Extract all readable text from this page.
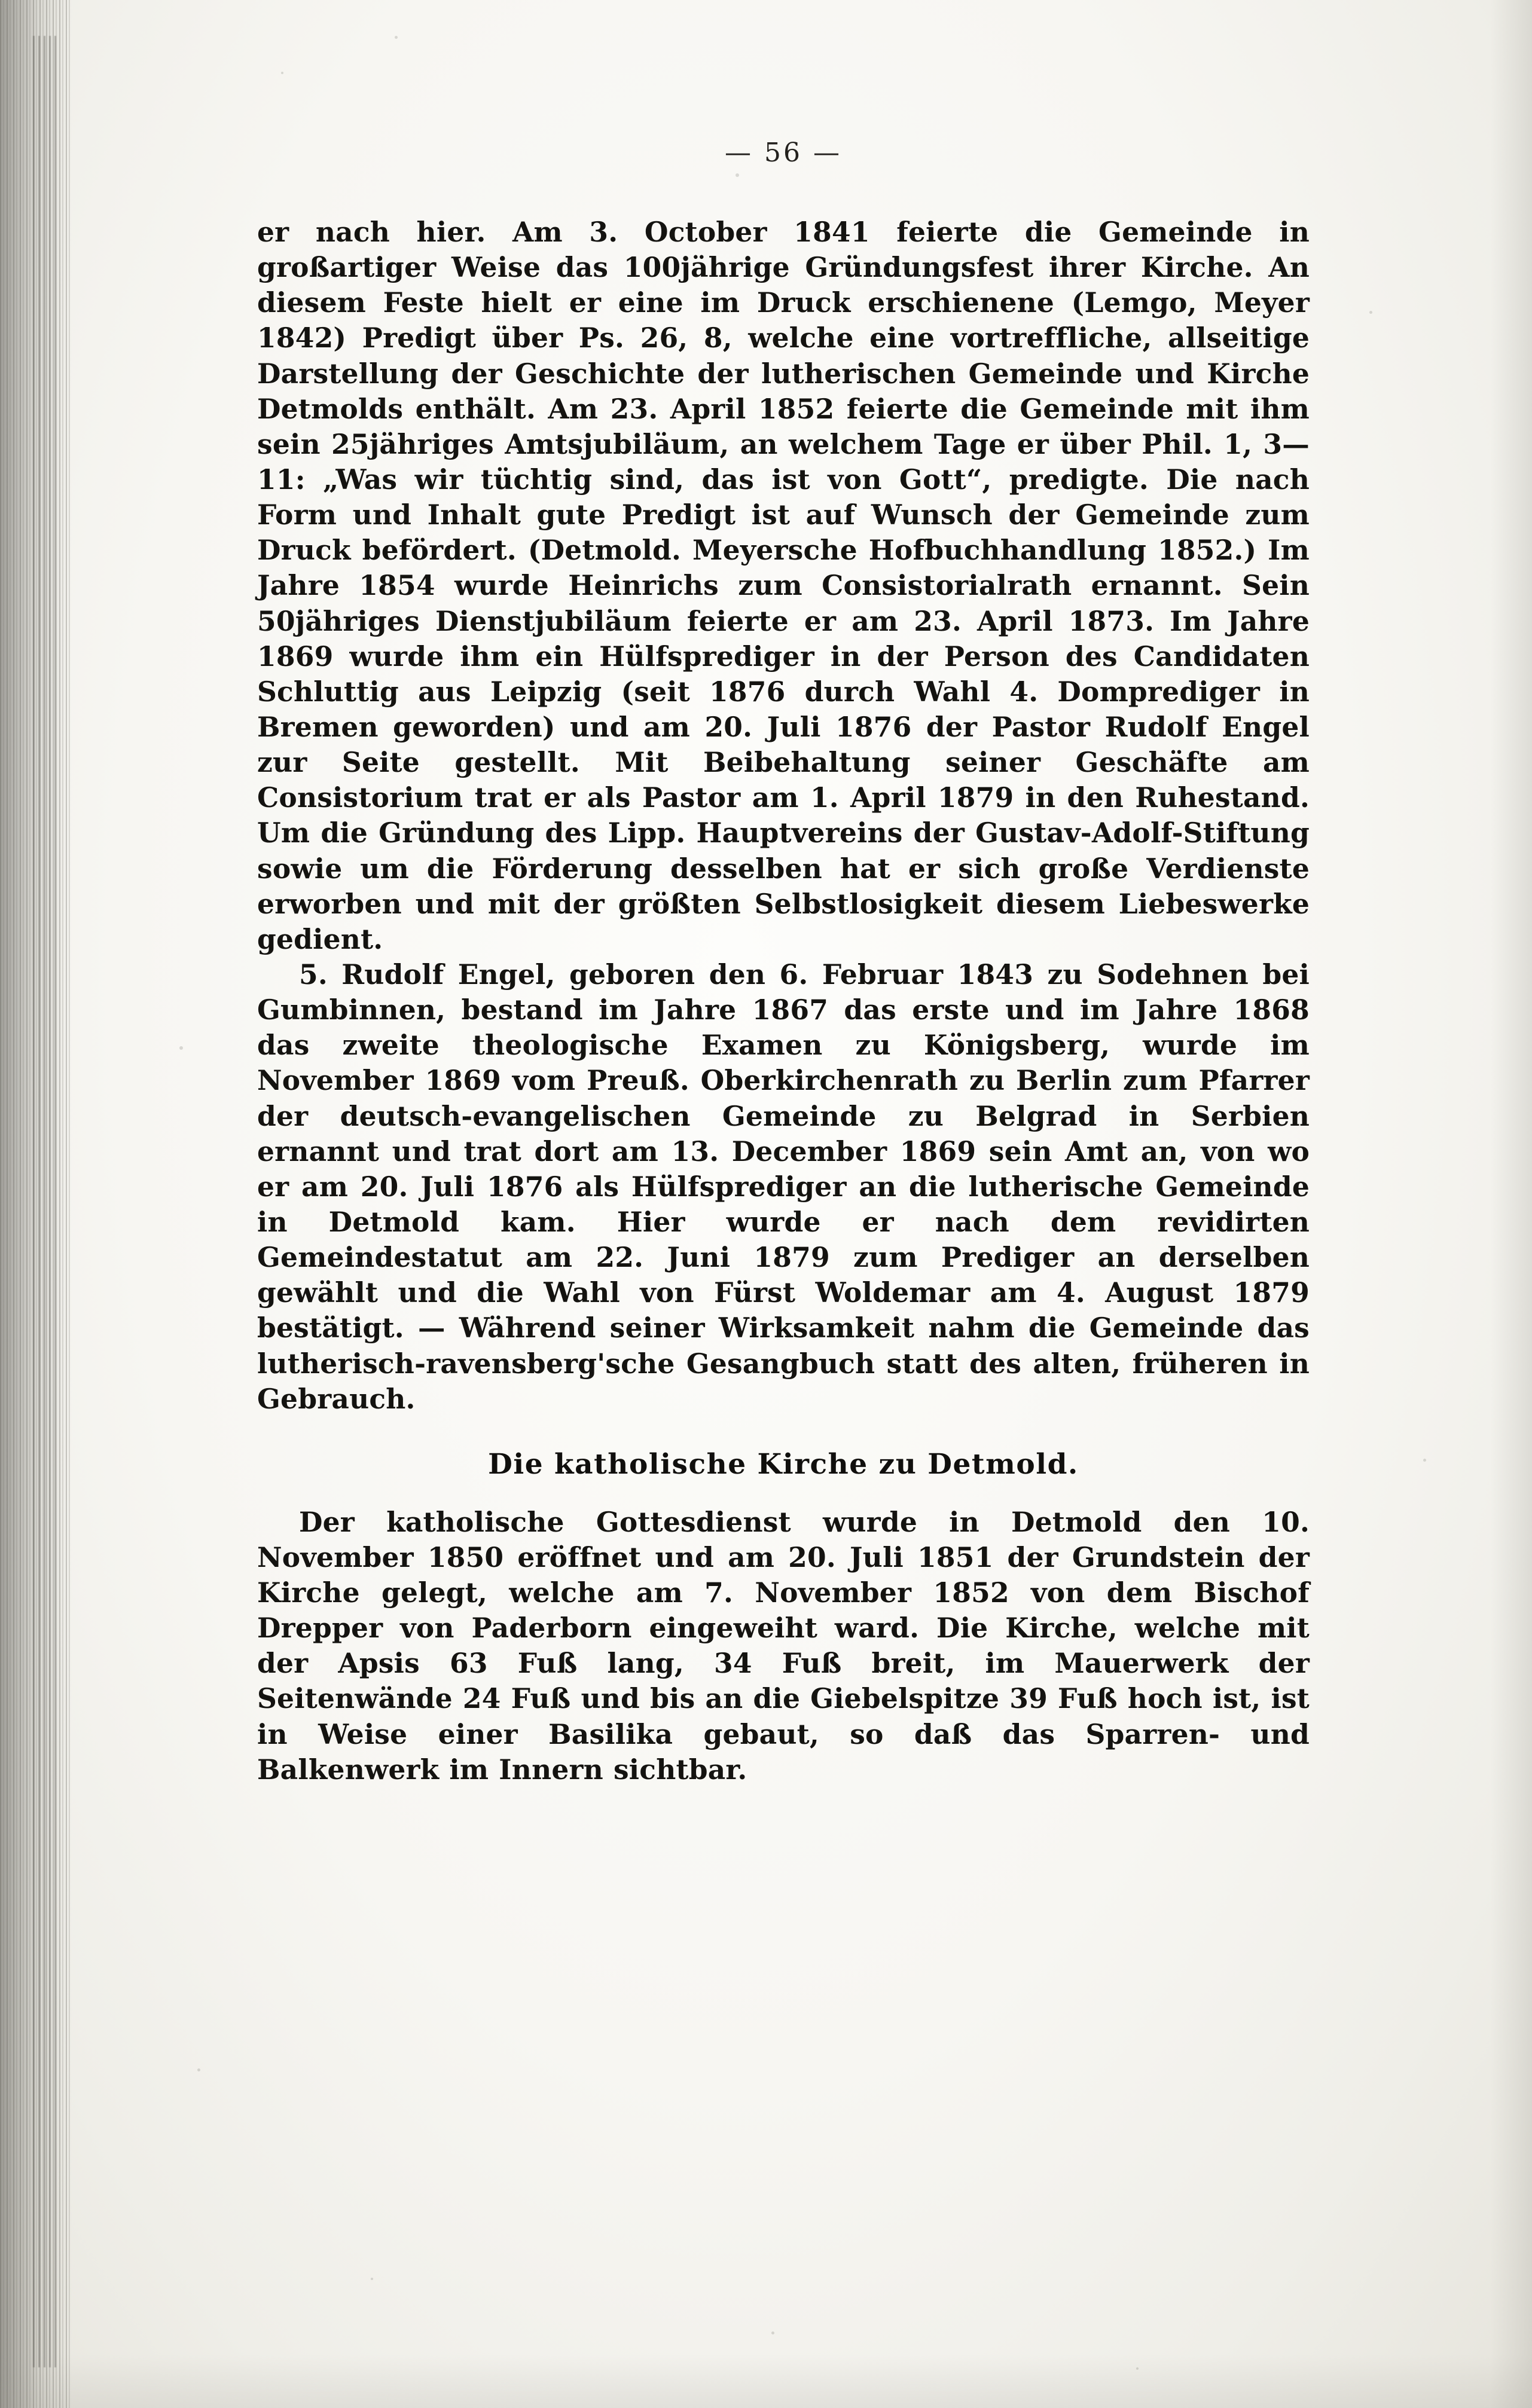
— 56 —

er nach hier. Am 3. October 1841 feierte die Gemeinde in großartiger Weise das 100jährige Gründungsfest ihrer Kirche. An diesem Feste hielt er eine im Druck erschienene (Lemgo, Meyer 1842) Predigt über Ps. 26, 8, welche eine vortreffliche, allseitige Darstellung der Geschichte der lutherischen Gemeinde und Kirche Detmolds enthält. Am 23. April 1852 feierte die Gemeinde mit ihm sein 25jähriges Amtsjubiläum, an welchem Tage er über Phil. 1, 3—11: „Was wir tüchtig sind, das ist von Gott“, predigte. Die nach Form und Inhalt gute Predigt ist auf Wunsch der Gemeinde zum Druck befördert. (Detmold. Meyersche Hofbuchhandlung 1852.) Im Jahre 1854 wurde Heinrichs zum Consistorialrath ernannt. Sein 50jähriges Dienstjubiläum feierte er am 23. April 1873. Im Jahre 1869 wurde ihm ein Hülfsprediger in der Person des Candidaten Schluttig aus Leipzig (seit 1876 durch Wahl 4. Domprediger in Bremen geworden) und am 20. Juli 1876 der Pastor Rudolf Engel zur Seite gestellt. Mit Beibehaltung seiner Geschäfte am Consistorium trat er als Pastor am 1. April 1879 in den Ruhestand. Um die Gründung des Lipp. Hauptvereins der Gustav-Adolf-Stiftung sowie um die Förderung desselben hat er sich große Verdienste erworben und mit der größten Selbstlosigkeit diesem Liebeswerke gedient.

5. Rudolf Engel, geboren den 6. Februar 1843 zu Sodehnen bei Gumbinnen, bestand im Jahre 1867 das erste und im Jahre 1868 das zweite theologische Examen zu Königsberg, wurde im November 1869 vom Preuß. Oberkirchenrath zu Berlin zum Pfarrer der deutsch-evangelischen Gemeinde zu Belgrad in Serbien ernannt und trat dort am 13. December 1869 sein Amt an, von wo er am 20. Juli 1876 als Hülfsprediger an die lutherische Gemeinde in Detmold kam. Hier wurde er nach dem revidirten Gemeindestatut am 22. Juni 1879 zum Prediger an derselben gewählt und die Wahl von Fürst Woldemar am 4. August 1879 bestätigt. — Während seiner Wirksamkeit nahm die Gemeinde das lutherisch-ravensberg'sche Gesangbuch statt des alten, früheren in Gebrauch.

Die katholische Kirche zu Detmold.

Der katholische Gottesdienst wurde in Detmold den 10. November 1850 eröffnet und am 20. Juli 1851 der Grundstein der Kirche gelegt, welche am 7. November 1852 von dem Bischof Drepper von Paderborn eingeweiht ward. Die Kirche, welche mit der Apsis 63 Fuß lang, 34 Fuß breit, im Mauerwerk der Seitenwände 24 Fuß und bis an die Giebelspitze 39 Fuß hoch ist, ist in Weise einer Basilika gebaut, so daß das Sparren- und Balkenwerk im Innern sichtbar.
